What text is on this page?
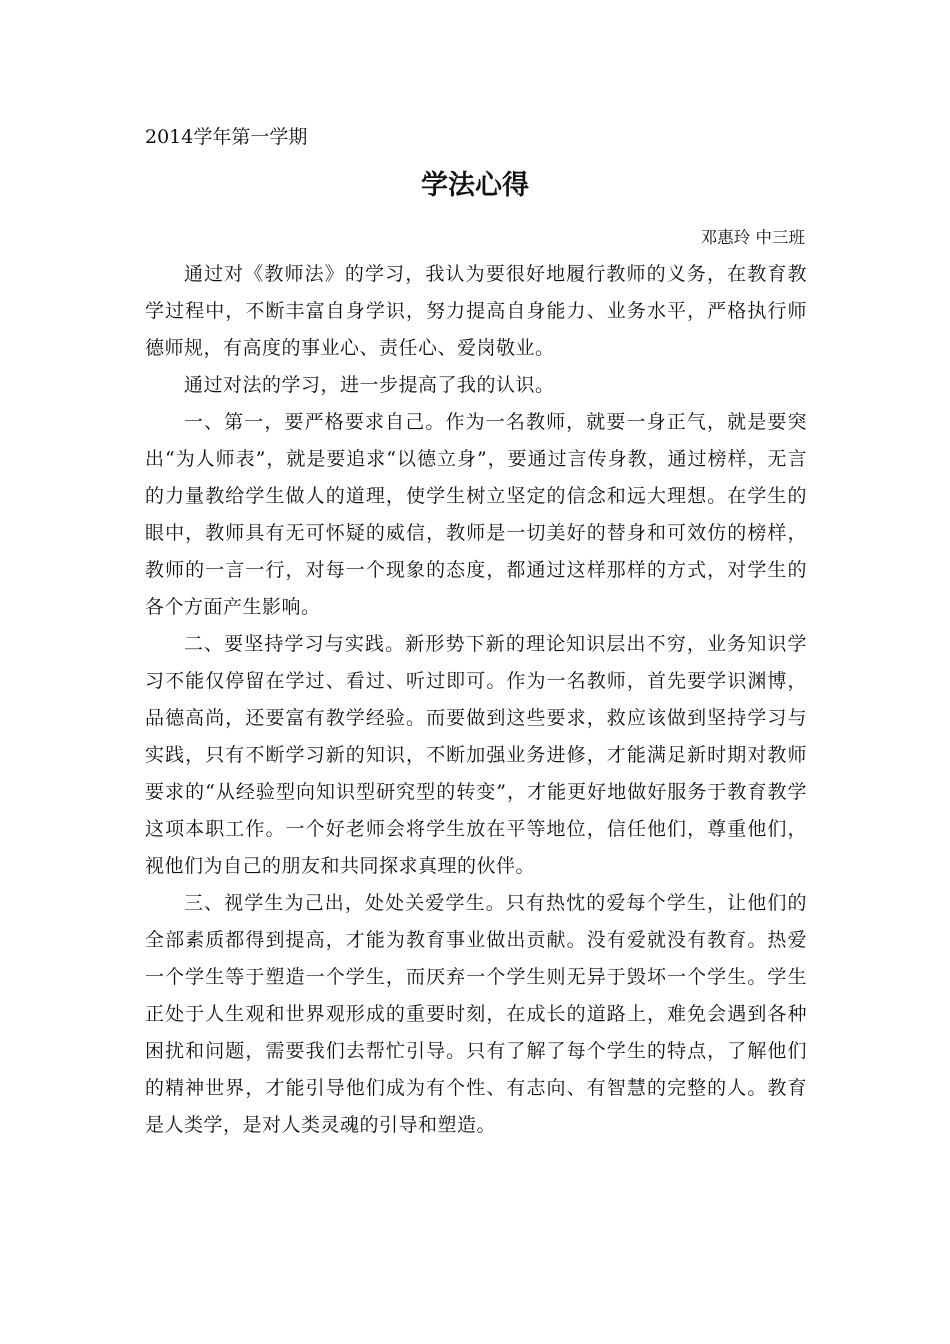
2014学年第一学期
学法心得
邓惠玲 中三班

通过对《教师法》的学习，我认为要很好地履行教师的义务，在教育教学过程中，不断丰富自身学识，努力提高自身能力、业务水平，严格执行师德师规，有高度的事业心、责任心、爱岗敬业。

通过对法的学习，进一步提高了我的认识。

一、第一，要严格要求自己。作为一名教师，就要一身正气，就是要突出“为人师表”，就是要追求“以德立身”，要通过言传身教，通过榜样，无言的力量教给学生做人的道理，使学生树立坚定的信念和远大理想。在学生的眼中，教师具有无可怀疑的威信，教师是一切美好的替身和可效仿的榜样，教师的一言一行，对每一个现象的态度，都通过这样那样的方式，对学生的各个方面产生影响。

二、要坚持学习与实践。新形势下新的理论知识层出不穷，业务知识学习不能仅停留在学过、看过、听过即可。作为一名教师，首先要学识渊博，品德高尚，还要富有教学经验。而要做到这些要求，救应该做到坚持学习与实践，只有不断学习新的知识，不断加强业务进修，才能满足新时期对教师要求的“从经验型向知识型研究型的转变”，才能更好地做好服务于教育教学这项本职工作。一个好老师会将学生放在平等地位，信任他们，尊重他们，视他们为自己的朋友和共同探求真理的伙伴。

三、视学生为己出，处处关爱学生。只有热忱的爱每个学生，让他们的全部素质都得到提高，才能为教育事业做出贡献。没有爱就没有教育。热爱一个学生等于塑造一个学生，而厌弃一个学生则无异于毁坏一个学生。学生正处于人生观和世界观形成的重要时刻，在成长的道路上，难免会遇到各种困扰和问题，需要我们去帮忙引导。只有了解了每个学生的特点，了解他们的精神世界，才能引导他们成为有个性、有志向、有智慧的完整的人。教育是人类学，是对人类灵魂的引导和塑造。
